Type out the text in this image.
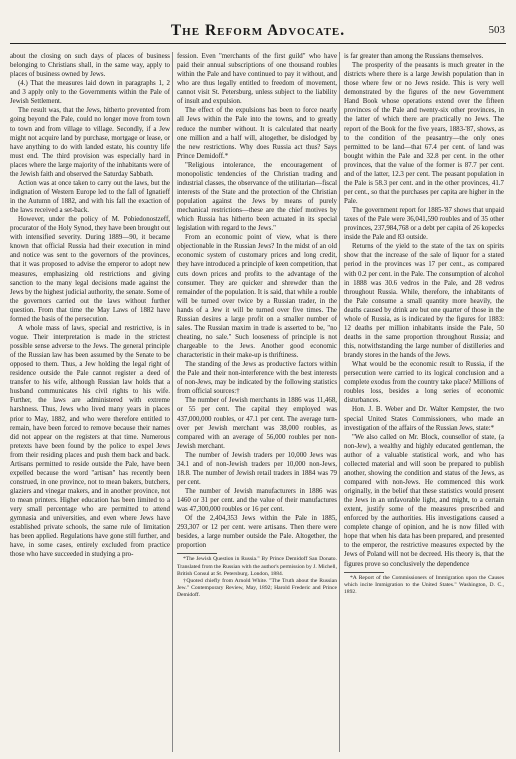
The Reform Advocate.	503

about the closing on such days of places of business belonging to Christians shall, in the same way, apply to places of business owned by Jews.

(4.) That the measures laid down in paragraphs 1, 2 and 3 apply only to the Governments within the Pale of Jewish Settlement.

The result was, that the Jews, hitherto prevented from going beyond the Pale, could no longer move from town to town and from village to village. Secondly, if a Jew might not acquire land by purchase, mortgage or lease, or have anything to do with landed estate, his country life must end. The third provision was especially hard in places where the large majority of the inhabitants were of the Jewish faith and observed the Saturday Sabbath.

Action was at once taken to carry out the laws, but the indignation of Western Europe led to the fall of Ignatieff in the Autumn of 1882, and with his fall the exaction of the laws received a set-back.

However, under the policy of M. Pobiedonostzeff, procurator of the Holy Synod, they have been brought out with intensified severity. During 1889—90, it became known that official Russia had their execution in mind and notice was sent to the governors of the provinces, that it was proposed to advise the emperor to adopt new measures, emphasizing old restrictions and giving sanction to the many legal decisions made against the Jews by the highest judicial authority, the senate. Some of the governors carried out the laws without further question. From that time the May Laws of 1882 have formed the basis of the persecution.

A whole mass of laws, special and restrictive, is in vogue. Their interpretation is made in the strictest possible sense adverse to the Jews. The general principle of the Russian law has been assumed by the Senate to be opposed to them. Thus, a Jew holding the legal right of residence outside the Pale cannot register a deed of transfer to his wife, although Russian law holds that a husband communicates his civil rights to his wife. Further, the laws are administered with extreme harshness. Thus, Jews who lived many years in places prior to May, 1882, and who were therefore entitled to remain, have been forced to remove because their names did not appear on the registers at that time. Numerous pretexts have been found by the police to expel Jews from their residing places and push them back and back. Artisans permitted to reside outside the Pale, have been expelled because the word "artisan" has recently been construed, in one province, not to mean bakers, butchers, glaziers and vinegar makers, and in another province, not to mean printers. Higher education has been limited to a very small percentage who are permitted to attend gymnasia and universities, and even where Jews have established private schools, the same rule of limitation has been applied. Regulations have gone still further, and have, in some cases, entirely excluded from practice those who have succeeded in studying a pro-

fession. Even "merchants of the first guild" who have paid their annual subscriptions of one thousand roubles within the Pale and have continued to pay it without, and who are thus legally entitled to freedom of movement, cannot visit St. Petersburg, unless subject to the liability of insult and expulsion.

The effect of the expulsions has been to force nearly all Jews within the Pale into the towns, and to greatly reduce the number without. It is calculated that nearly one million and a half will, altogether, be dislodged by the new restrictions. Why does Russia act thus? Says Prince Demidoff.*

"Religious intolerance, the encouragement of monopolistic tendencies of the Christian trading and industrial classes, the observance of the utilitarian—fiscal interests of the State and the protection of the Christian population against the Jews by means of purely mechanical restrictions—these are the chief motives by which Russia has hitherto been actuated in its special legislation with regard to the Jews."

From an economic point of view, what is there objectionable in the Russian Jews? In the midst of an old economic system of customary prices and long credit, they have introduced a principle of keen competition, that cuts down prices and profits to the advantage of the consumer. They are quicker and shrewder than the remainder of the population. It is said, that while a rouble will be turned over twice by a Russian trader, in the hands of a Jew it will be turned over five times. The Russian desires a large profit on a smaller number of sales. The Russian maxim in trade is asserted to be, "no cheating, no sale." Such looseness of principle is not chargeable to the Jews. Another good economic characteristic in their make-up is thriftiness.

The standing of the Jews as productive factors within the Pale and their non-interference with the best interests of non-Jews, may be indicated by the following statistics from official sources:†

The number of Jewish merchants in 1886 was 11,468, or 55 per cent. The capital they employed was 437,000,000 roubles, or 47.1 per cent. The average turn-over per Jewish merchant was 38,000 roubles, as compared with an average of 56,000 roubles per non-Jewish merchant.

The number of Jewish traders per 10,000 Jews was 34.1 and of non-Jewish traders per 10,000 non-Jews, 18.8. The number of Jewish retail traders in 1884 was 79 per cent.

The number of Jewish manufacturers in 1886 was 1460 or 31 per cent. and the value of their manufactures was 47,300,000 roubles or 16 per cent.

Of the 2,404,353 Jews within the Pale in 1885, 293,307 or 12 per cent. were artisans. Then there were besides, a large number outside the Pale. Altogether, the proportion

*The Jewish Question in Russia." By Prince Demidoff San Donato. Translated from the Russian with the author's permission by J. Michell, British Consul at St. Petersburg. London, 1884.

†Quoted chiefly from Arnold White. "The Truth about the Russian Jew." Contemporary Review, May, 1892; Harold Frederic and Prince Demidoff.

is far greater than among the Russians themselves.

The prosperity of the peasants is much greater in the districts where there is a large Jewish population than in those where few or no Jews reside. This is very well demonstrated by the figures of the new Government Hand Book whose operations extend over the fifteen provinces of the Pale and twenty-six other provinces, in the latter of which there are practically no Jews. The report of the Book for the five years, 1883-'87, shows, as to the condition of the peasantry—the only ones permitted to be land—that 67.4 per cent. of land was bought within the Pale and 32.8 per cent. in the other provinces, that the value of the former is 87.7 per cent. and of the latter, 12.3 per cent. The peasant population in the Pale is 58.3 per cent. and in the other provinces, 41.7 per cent., so that the purchases per capita are higher in the Pale.

The government report for 1885-'87 shows that unpaid taxes of the Pale were 36,041,590 roubles and of 35 other provinces, 237,984,768 or a debt per capita of 26 kopecks inside the Pale and 83 outside.

Returns of the yield to the state of the tax on spirits show that the increase of the sale of liquor for a stated period in the provinces was 17 per cent., as compared with 0.2 per cent. in the Pale. The consumption of alcohol in 1888 was 30.6 vedros in the Pale, and 28 vedros throughout Russia. While, therefore, the inhabitants of the Pale consume a small quantity more heavily, the deaths caused by drink are but one quarter of those in the whole of Russia, as is indicated by the figures for 1883: 12 deaths per million inhabitants inside the Pale, 50 deaths in the same proportion throughout Russia; and this, notwithstanding the large number of distilleries and brandy stores in the hands of the Jews.

What would be the economic result to Russia, if the persecution were carried to its logical conclusion and a complete exodus from the country take place? Millions of roubles loss, besides a long series of economic disturbances.

Hon. J. B. Weber and Dr. Walter Kempster, the two special United States Commissioners, who made an investigation of the affairs of the Russian Jews, state:*

"We also called on Mr. Block, counsellor of state, (a non-Jew), a wealthy and highly educated gentleman, the author of a valuable statistical work, and who has collected material and will soon be prepared to publish another, showing the condition and status of the Jews, as compared with non-Jews. He commenced this work originally, in the belief that these statistics would present the Jews in an unfavorable light, and might, to a certain extent, justify some of the measures prescribed and enforced by the authorities. His investigations caused a complete change of opinion, and he is now filled with hope that when his data has been prepared, and presented to the emperor, the restrictive measures expected by the Jews of Poland will not be decreed. His theory is, that the figures prove so conclusively the dependence

*A Report of the Commissioners of Immigration upon the Causes which incite Immigration to the United States." Washington, D. C., 1892.
